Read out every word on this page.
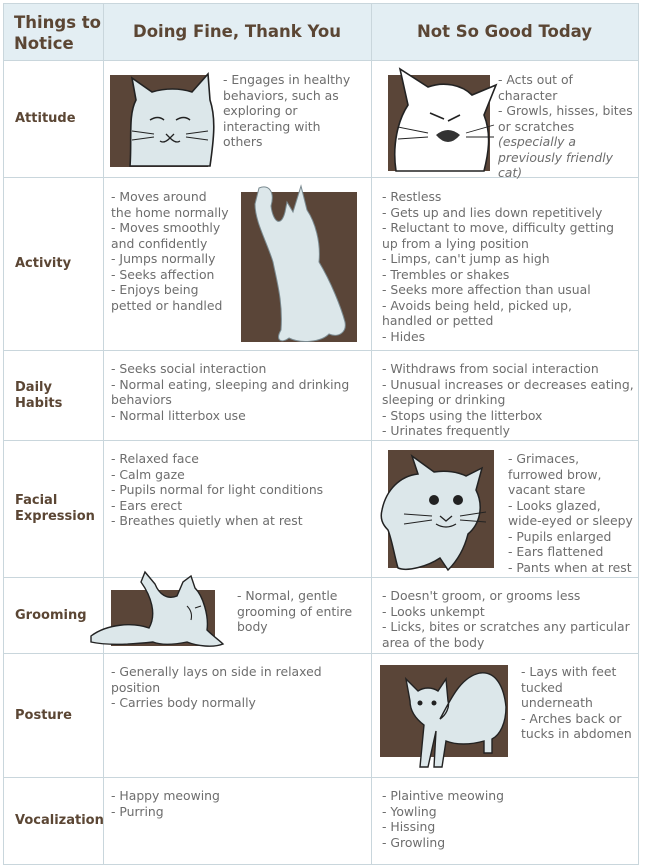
Things to
Notice
Doing Fine, Thank You	Not So Good Today
Attitude
- Engages in healthy
behaviors, such as
exploring or
interacting with
others
- Acts out of
character
- Growls, hisses, bites
or scratches
(especially a
previously friendly cat)
Activity
- Moves around
the home normally
- Moves smoothly
and confidently
- Jumps normally
- Seeks affection
- Enjoys being
petted or handled
- Restless
- Gets up and lies down repetitively
- Reluctant to move, difficulty getting
up from a lying position
- Limps, can't jump as high
- Trembles or shakes
- Seeks more affection than usual
- Avoids being held, picked up,
handled or petted
- Hides
Daily Habits
- Seeks social interaction
- Normal eating, sleeping and drinking
behaviors
- Normal litterbox use
- Withdraws from social interaction
- Unusual increases or decreases eating,
sleeping or drinking
- Stops using the litterbox
- Urinates frequently
Facial
Expression
- Relaxed face
- Calm gaze
- Pupils normal for light conditions
- Ears erect
- Breathes quietly when at rest
- Grimaces,
furrowed brow,
vacant stare
- Looks glazed,
wide-eyed or sleepy
- Pupils enlarged
- Ears flattened
- Pants when at rest
Grooming
- Normal, gentle
grooming of entire
body
- Doesn't groom, or grooms less
- Looks unkempt
- Licks, bites or scratches any particular
area of the body
Posture
- Generally lays on side in relaxed
position
- Carries body normally
- Lays with feet
tucked
underneath
- Arches back or
tucks in abdomen
Vocalization
- Happy meowing
- Purring
- Plaintive meowing
- Yowling
- Hissing
- Growling
